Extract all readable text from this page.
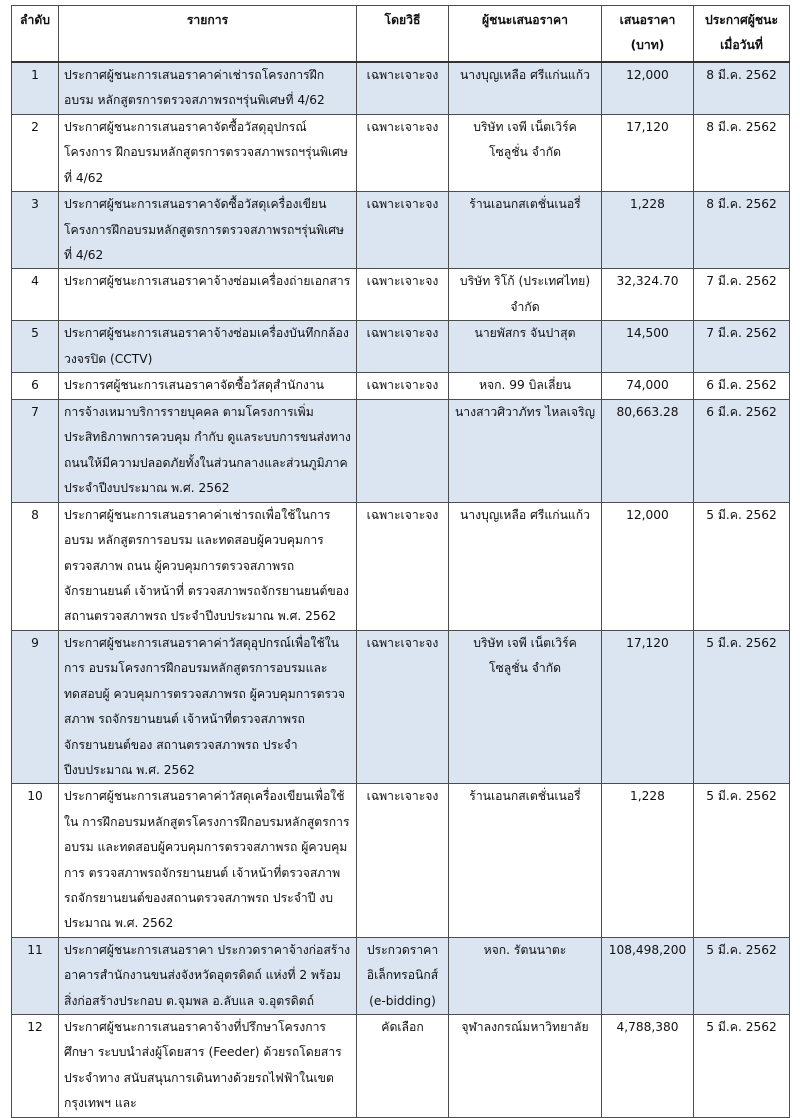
ลำดับ	รายการ	โดยวิธี	ผู้ชนะเสนอราคา	เสนอราคา (บาท)	ประกาศผู้ชนะ เมื่อวันที่
1	ประกาศผู้ชนะการเสนอราคาค่าเช่ารถโครงการฝึกอบรม หลักสูตรการตรวจสภาพรถฯรุ่นพิเศษที่ 4/62	เฉพาะเจาะจง	นางบุญเหลือ ศรีแก่นแก้ว	12,000	8 มี.ค. 2562
2	ประกาศผู้ชนะการเสนอราคาจัดซื้อวัสดุอุปกรณ์โครงการ ฝึกอบรมหลักสูตรการตรวจสภาพรถฯรุ่นพิเศษที่ 4/62	เฉพาะเจาะจง	บริษัท เจพี เน็ตเวิร์ค โซลูชั่น จำกัด	17,120	8 มี.ค. 2562
3	ประกาศผู้ชนะการเสนอราคาจัดซื้อวัสดุเครื่องเขียน โครงการฝึกอบรมหลักสูตรการตรวจสภาพรถฯรุ่นพิเศษที่ 4/62	เฉพาะเจาะจง	ร้านเอนกสเตชั่นเนอรี่	1,228	8 มี.ค. 2562
4	ประกาศผู้ชนะการเสนอราคาจ้างซ่อมเครื่องถ่ายเอกสาร	เฉพาะเจาะจง	บริษัท ริโก้ (ประเทศไทย) จำกัด	32,324.70	7 มี.ค. 2562
5	ประกาศผู้ชนะการเสนอราคาจ้างซ่อมเครื่องบันทึกกล้อง วงจรปิด (CCTV)	เฉพาะเจาะจง	นายพัสกร จันปาสุต	14,500	7 มี.ค. 2562
6	ประการศผู้ชนะการเสนอราคาจัดซื้อวัสดุสำนักงาน	เฉพาะเจาะจง	หจก. 99 บิลเลี่ยน	74,000	6 มี.ค. 2562
7	การจ้างเหมาบริการรายบุคคล ตามโครงการเพิ่ม ประสิทธิภาพการควบคุม กำกับ ดูแลระบบการขนส่งทาง ถนนให้มีความปลอดภัยทั้งในส่วนกลางและส่วนภูมิภาค ประจำปีงบประมาณ พ.ศ. 2562		นางสาวศิวาภัทร ไหลเจริญ	80,663.28	6 มี.ค. 2562
8	ประกาศผู้ชนะการเสนอราคาค่าเช่ารถเพื่อใช้ในการอบรม หลักสูตรการอบรม และทดสอบผู้ควบคุมการตรวจสภาพ ถนน ผู้ควบคุมการตรวจสภาพรถจักรยานยนต์ เจ้าหน้าที่ ตรวจสภาพรถจักรยานยนต์ของสถานตรวจสภาพรถ ประจำปีงบประมาณ พ.ศ. 2562	เฉพาะเจาะจง	นางบุญเหลือ ศรีแก่นแก้ว	12,000	5 มี.ค. 2562
9	ประกาศผู้ชนะการเสนอราคาค่าวัสดุอุปกรณ์เพื่อใช้ในการ อบรมโครงการฝึกอบรมหลักสูตรการอบรมและทดสอบผู้ ควบคุมการตรวจสภาพรถ ผู้ควบคุมการตรวจสภาพ รถจักรยานยนต์ เจ้าหน้าที่ตรวจสภาพรถจักรยานยนต์ของ สถานตรวจสภาพรถ ประจำปีงบประมาณ พ.ศ. 2562	เฉพาะเจาะจง	บริษัท เจพี เน็ตเวิร์ค โซลูชั่น จำกัด	17,120	5 มี.ค. 2562
10	ประกาศผู้ชนะการเสนอราคาค่าวัสดุเครื่องเขียนเพื่อใช้ใน การฝึกอบรมหลักสูตรโครงการฝึกอบรมหลักสูตรการอบรม และทดสอบผู้ควบคุมการตรวจสภาพรถ ผู้ควบคุมการ ตรวจสภาพรถจักรยานยนต์ เจ้าหน้าที่ตรวจสภาพ รถจักรยานยนต์ของสถานตรวจสภาพรถ ประจำปี งบประมาณ พ.ศ. 2562	เฉพาะเจาะจง	ร้านเอนกสเตชั่นเนอรี่	1,228	5 มี.ค. 2562
11	ประกาศผู้ชนะการเสนอราคา ประกวดราคาจ้างก่อสร้าง อาคารสำนักงานขนส่งจังหวัดอุตรดิตถ์ แห่งที่ 2 พร้อม สิ่งก่อสร้างประกอบ ต.จุมพล อ.ลับแล จ.อุตรดิตถ์	ประกวดราคา อิเล็กทรอนิกส์ (e-bidding)	หจก. รัตนนาตะ	108,498,200	5 มี.ค. 2562
12	ประกาศผู้ชนะการเสนอราคาจ้างที่ปรึกษาโครงการศึกษา ระบบนำส่งผู้โดยสาร (Feeder) ด้วยรถโดยสารประจำทาง สนับสนุนการเดินทางด้วยรถไฟฟ้าในเขตกรุงเทพฯ และ	คัดเลือก	จุฬาลงกรณ์มหาวิทยาลัย	4,788,380	5 มี.ค. 2562
